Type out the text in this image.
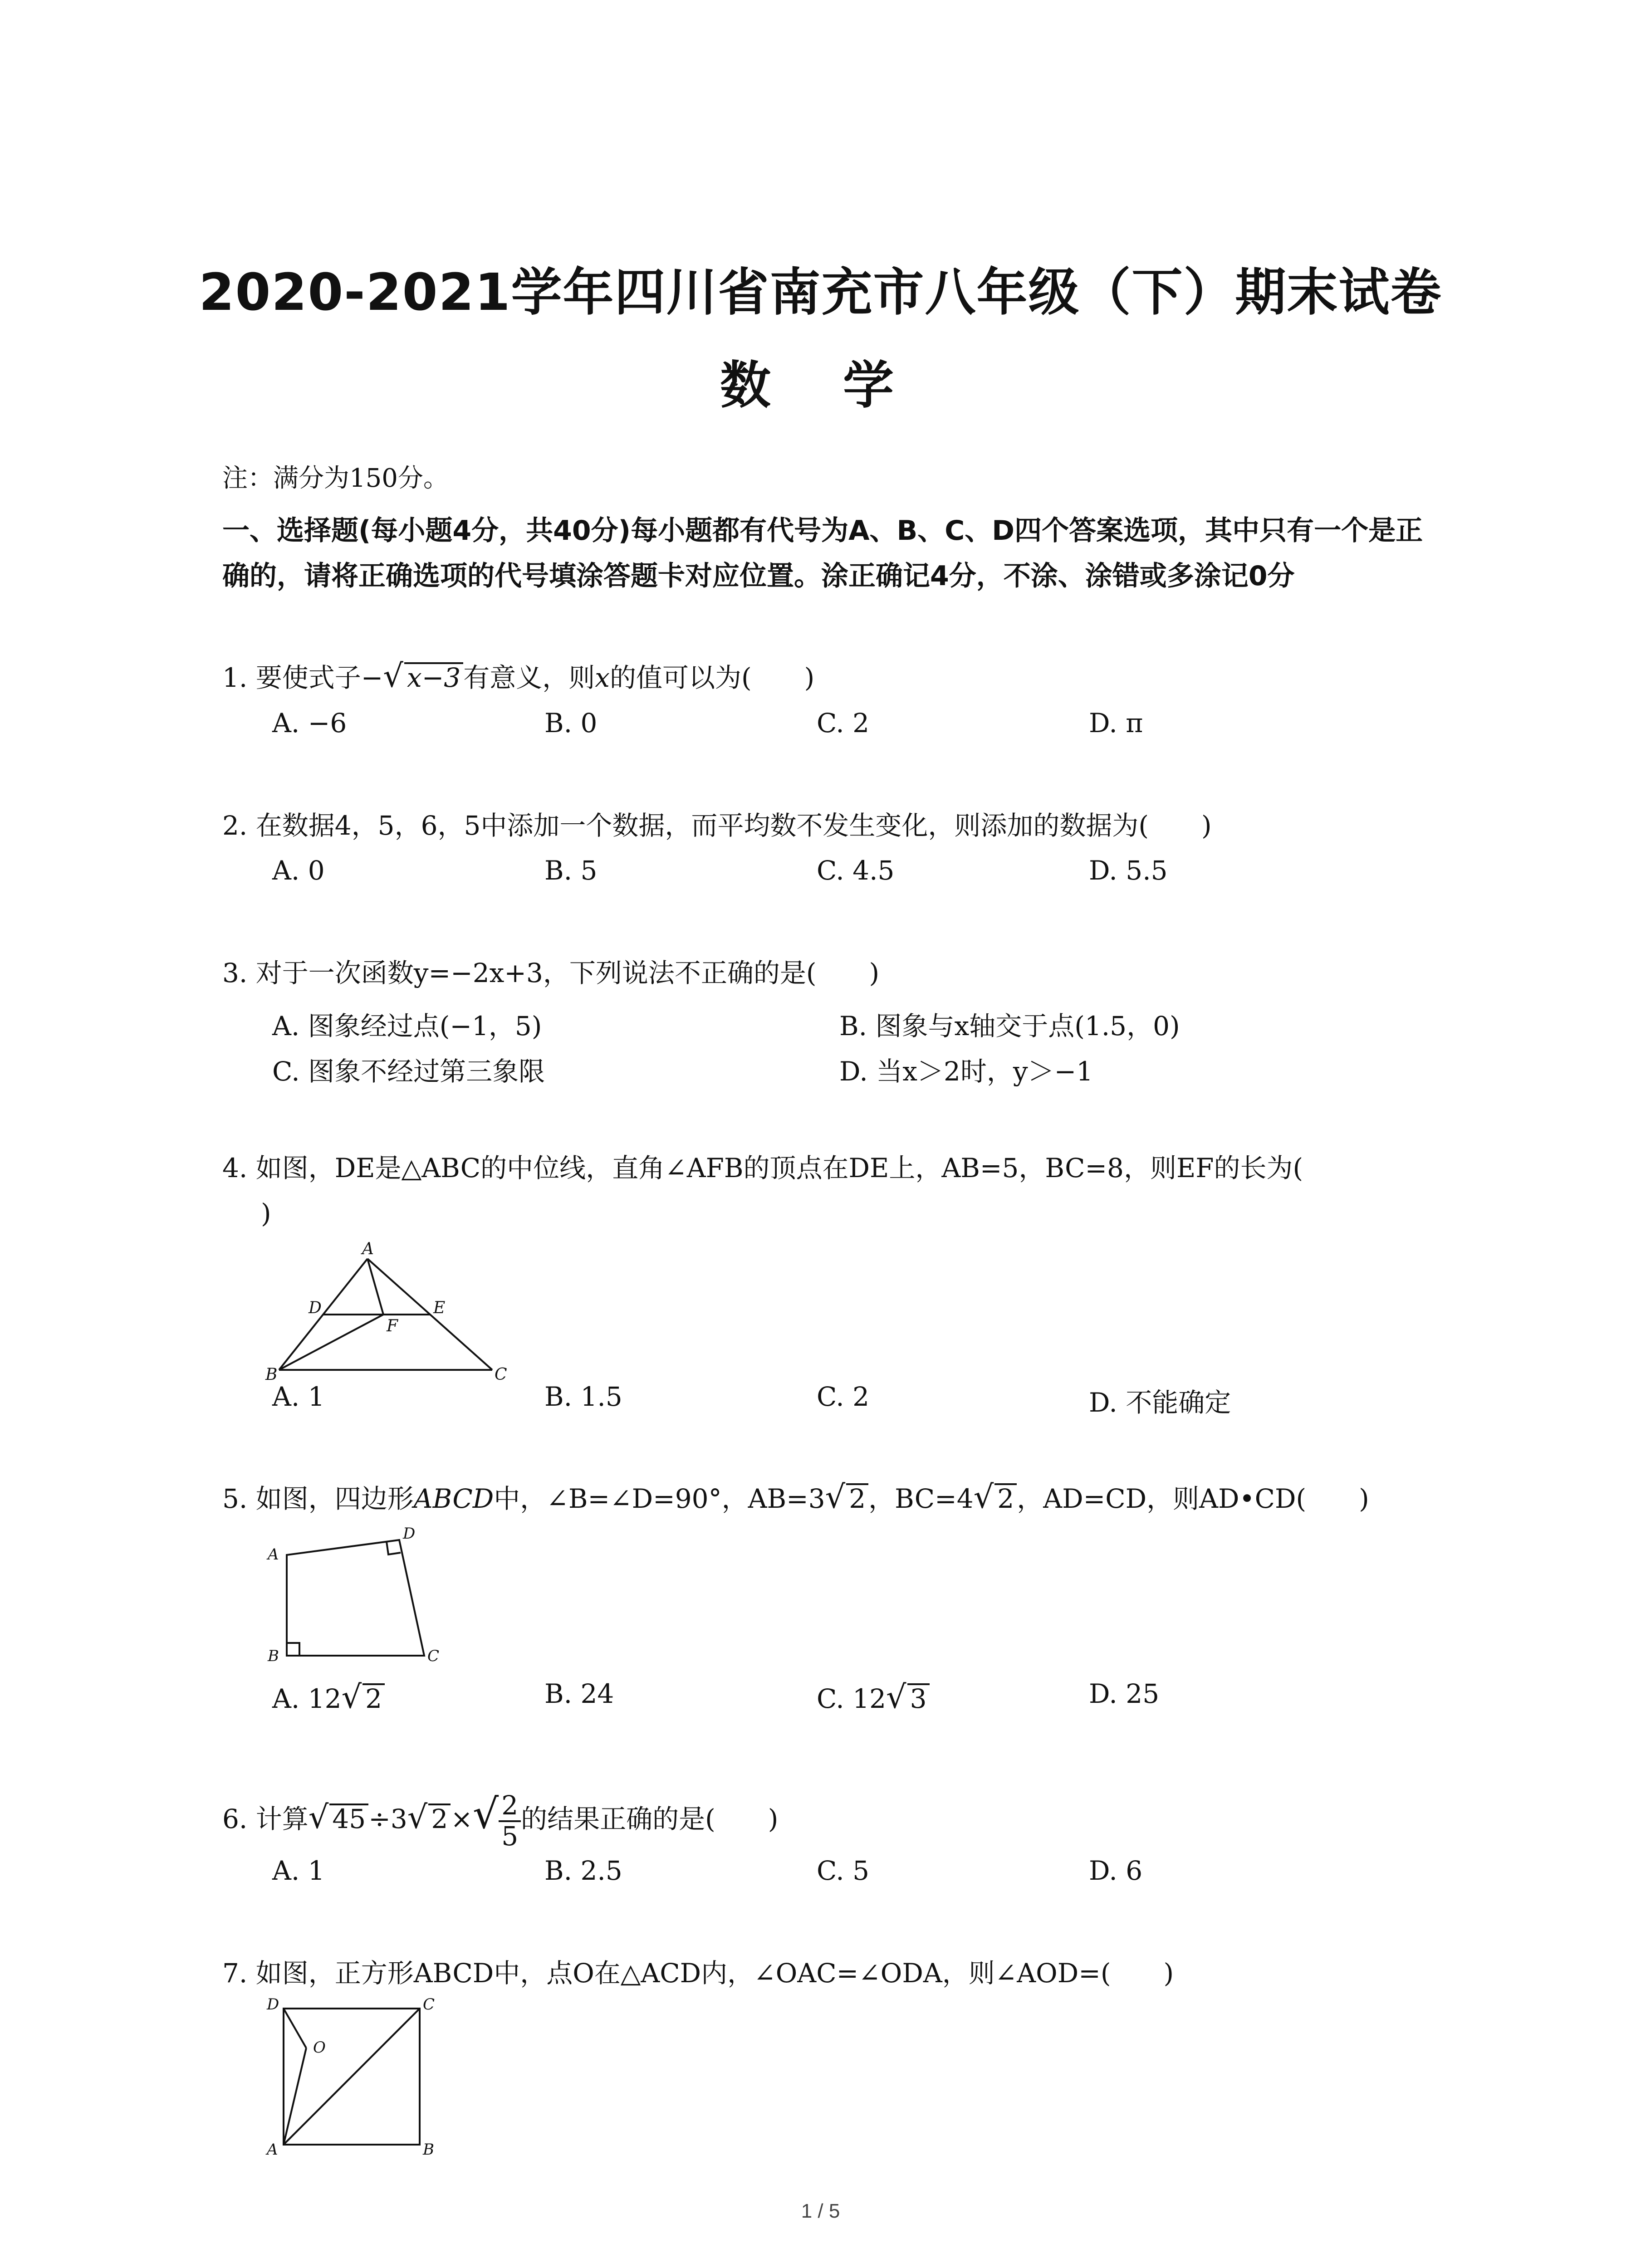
2020-2021学年四川省南充市八年级（下）期末试卷
数 学
注：满分为150分。
一、选择题(每小题4分，共40分)每小题都有代号为A、B、C、D四个答案选项，其中只有一个是正确的，请将正确选项的代号填涂答题卡对应位置。涂正确记4分，不涂、涂错或多涂记0分
1. 要使式子−√ x−3 有意义，则x的值可以为(　　)
A. −6	B. 0	C. 2	D. π
2. 在数据4，5，6，5中添加一个数据，而平均数不发生变化，则添加的数据为(　　)
A. 0	B. 5	C. 4.5	D. 5.5
3. 对于一次函数y=−2x+3，下列说法不正确的是(　　)
A. 图象经过点(−1，5)	B. 图象与x轴交于点(1.5，0)
C. 图象不经过第三象限	D. 当x＞2时，y＞−1
4. 如图，DE是△ABC的中位线，直角∠AFB的顶点在DE上，AB=5，BC=8，则EF的长为(
)
A
D	E
F
B	C
A. 1	B. 1.5	C. 2	D. 不能确定
5. 如图，四边形ABCD中，∠B=∠D=90°，AB=3√ 2 ，BC=4√ 2 ，AD=CD，则AD•CD(　　)
A
D
B	C
A. 12√ 2	B. 24	C. 12√ 3	D. 25
6. 计算√ 45 ÷3√ 2 ×√ $\frac{2}{5}$ 的结果正确的是(　　)
A. 1	B. 2.5	C. 5	D. 6
7. 如图，正方形ABCD中，点O在△ACD内，∠OAC=∠ODA，则∠AOD=(　　)
D	C
O
A	B
1 / 5
